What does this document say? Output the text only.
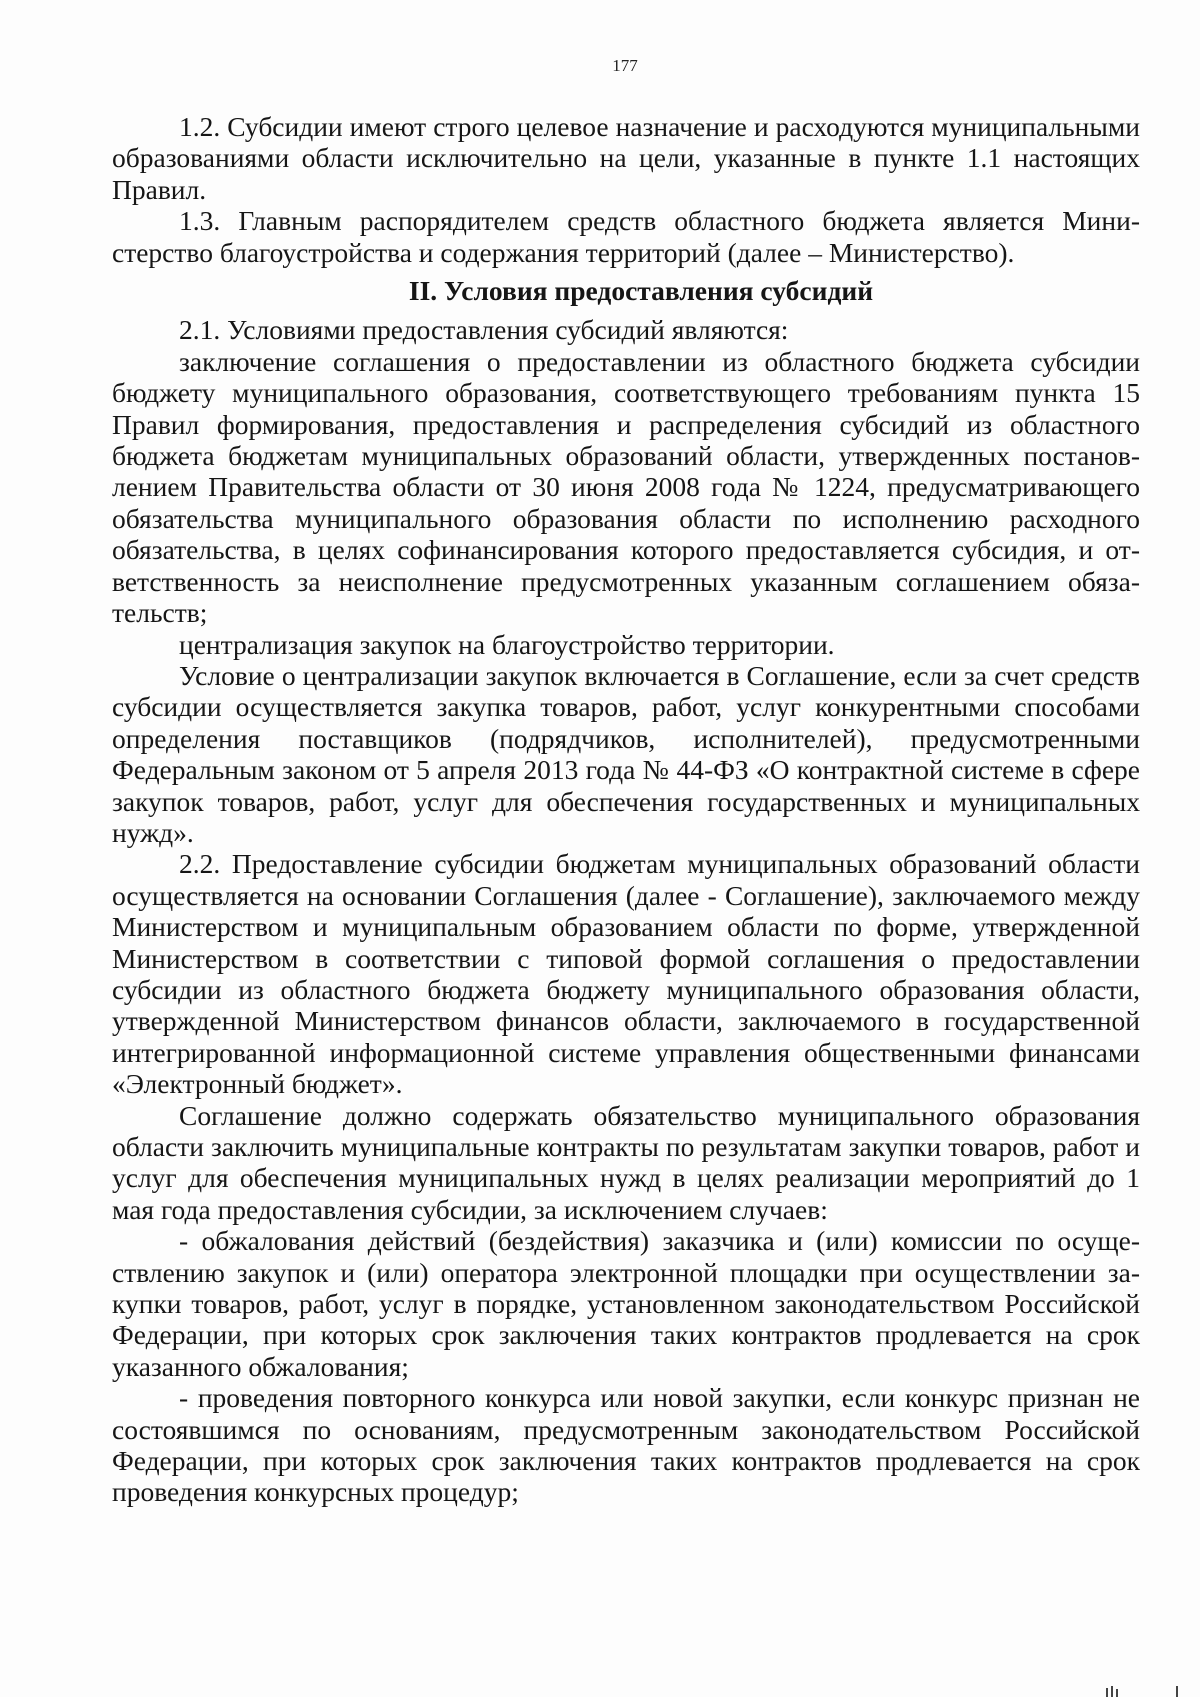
177

1.2. Субсидии имеют строго целевое назначение и расходуются муниципальными образованиями области исключительно на цели, указанные в пункте 1.1 настоящих Правил.

1.3. Главным распорядителем средств областного бюджета является Министерство благоустройства и содержания территорий (далее – Министерство).

II. Условия предоставления субсидий

2.1. Условиями предоставления субсидий являются:

заключение соглашения о предоставлении из областного бюджета субсидии бюджету муниципального образования, соответствующего требованиям пункта 15 Правил формирования, предоставления и распределения субсидий из областного бюджета бюджетам муниципальных образований области, утвержденных постановлением Правительства области от 30 июня 2008 года № 1224, предусматривающего обязательства муниципального образования области по исполнению расходного обязательства, в целях софинансирования которого предоставляется субсидия, и ответственность за неисполнение предусмотренных указанным соглашением обязательств;

централизация закупок на благоустройство территории.

Условие о централизации закупок включается в Соглашение, если за счет средств субсидии осуществляется закупка товаров, работ, услуг конкурентными способами определения поставщиков (подрядчиков, исполнителей), предусмотренными Федеральным законом от 5 апреля 2013 года № 44-ФЗ «О контрактной системе в сфере закупок товаров, работ, услуг для обеспечения государственных и муниципальных нужд».

2.2. Предоставление субсидии бюджетам муниципальных образований области осуществляется на основании Соглашения (далее - Соглашение), заключаемого между Министерством и муниципальным образованием области по форме, утвержденной Министерством в соответствии с типовой формой соглашения о предоставлении субсидии из областного бюджета бюджету муниципального образования области, утвержденной Министерством финансов области, заключаемого в государственной интегрированной информационной системе управления общественными финансами «Электронный бюджет».

Соглашение должно содержать обязательство муниципального образования области заключить муниципальные контракты по результатам закупки товаров, работ и услуг для обеспечения муниципальных нужд в целях реализации мероприятий до 1 мая года предоставления субсидии, за исключением случаев:

- обжалования действий (бездействия) заказчика и (или) комиссии по осуществлению закупок и (или) оператора электронной площадки при осуществлении закупки товаров, работ, услуг в порядке, установленном законодательством Российской Федерации, при которых срок заключения таких контрактов продлевается на срок указанного обжалования;

- проведения повторного конкурса или новой закупки, если конкурс признан не состоявшимся по основаниям, предусмотренным законодательством Российской Федерации, при которых срок заключения таких контрактов продлевается на срок проведения конкурсных процедур;
